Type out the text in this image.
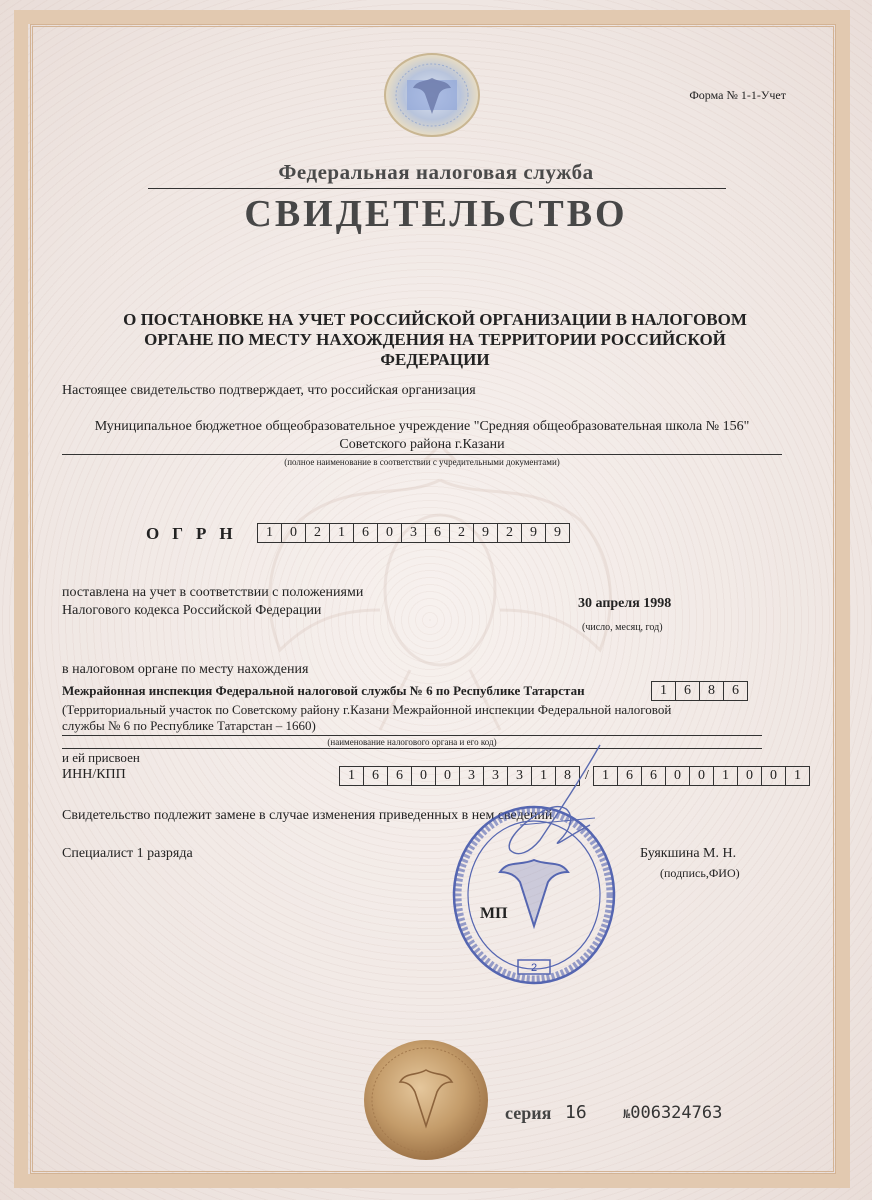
Форма № 1-1-Учет
Федеральная налоговая служба
СВИДЕТЕЛЬСТВО
О ПОСТАНОВКЕ НА УЧЕТ РОССИЙСКОЙ ОРГАНИЗАЦИИ В НАЛОГОВОМ ОРГАНЕ ПО МЕСТУ НАХОЖДЕНИЯ НА ТЕРРИТОРИИ РОССИЙСКОЙ ФЕДЕРАЦИИ
Настоящее свидетельство подтверждает, что российская организация
Муниципальное бюджетное общеобразовательное учреждение "Средняя общеобразовательная школа № 156" Советского района г.Казани
(полное наименование в соответствии с учредительными документами)
ОГРН	1	0	2	1	6	0	3	6	2	9	2	9	9
поставлена на учет в соответствии с положениями
Налогового кодекса Российской Федерации	30 апреля 1998
(число, месяц, год)
в налоговом органе по месту нахождения
Межрайонная инспекция Федеральной налоговой службы № 6 по Республике Татарстан	1	6	8	6
(Территориальный участок по Советскому району г.Казани Межрайонной инспекции Федеральной налоговой
службы № 6 по Республике Татарстан – 1660)
(наименование налогового органа и его код)
и ей присвоен
ИНН/КПП	1	6	6	0	0	3	3	3	1	8	/ 1	6	6	0	0	1	0	0	1
Свидетельство подлежит замене в случае изменения приведенных в нем сведений.
Специалист 1 разряда	Буякшина М. Н.
(подпись,ФИО)
2
МП
серия 16	№006324763
